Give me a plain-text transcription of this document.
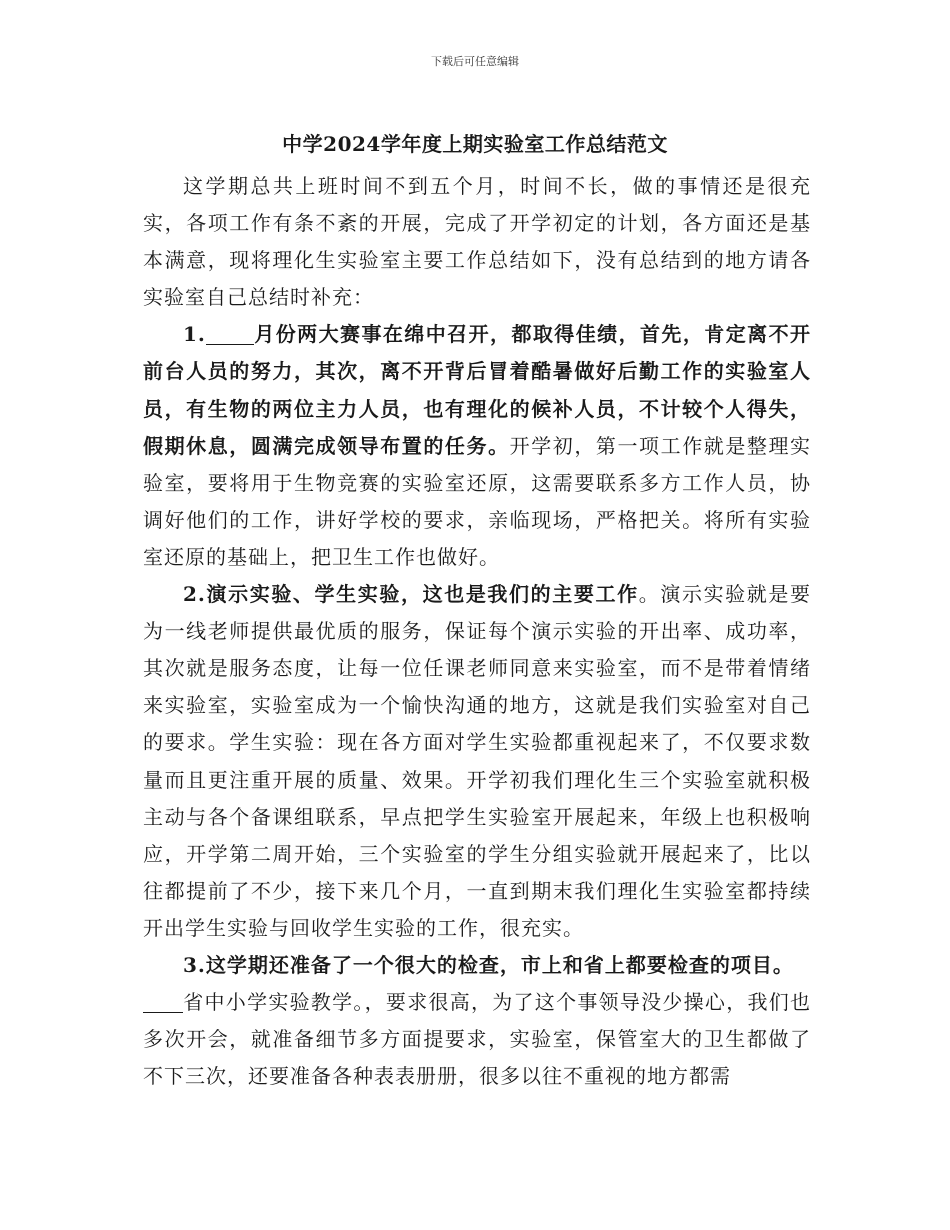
下载后可任意编辑
中学2024学年度上期实验室工作总结范文

这学期总共上班时间不到五个月，时间不长，做的事情还是很充实，各项工作有条不紊的开展，完成了开学初定的计划，各方面还是基本满意，现将理化生实验室主要工作总结如下，没有总结到的地方请各实验室自己总结时补充：

1. 月份两大赛事在绵中召开，都取得佳绩，首先，肯定离不开前台人员的努力，其次，离不开背后冒着酷暑做好后勤工作的实验室人员，有生物的两位主力人员，也有理化的候补人员，不计较个人得失，假期休息，圆满完成领导布置的任务。开学初，第一项工作就是整理实验室，要将用于生物竞赛的实验室还原，这需要联系多方工作人员，协调好他们的工作，讲好学校的要求，亲临现场，严格把关。将所有实验室还原的基础上，把卫生工作也做好。

2.演示实验、学生实验，这也是我们的主要工作。演示实验就是要为一线老师提供最优质的服务，保证每个演示实验的开出率、成功率，其次就是服务态度，让每一位任课老师同意来实验室，而不是带着情绪来实验室，实验室成为一个愉快沟通的地方，这就是我们实验室对自己的要求。学生实验：现在各方面对学生实验都重视起来了，不仅要求数量而且更注重开展的质量、效果。开学初我们理化生三个实验室就积极主动与各个备课组联系，早点把学生实验室开展起来，年级上也积极响应，开学第二周开始，三个实验室的学生分组实验就开展起来了，比以往都提前了不少，接下来几个月，一直到期末我们理化生实验室都持续开出学生实验与回收学生实验的工作，很充实。

3.这学期还准备了一个很大的检查，市上和省上都要检查的项目。
省中小学实验教学。，要求很高，为了这个事领导没少操心，我们也多次开会，就准备细节多方面提要求，实验室，保管室大的卫生都做了不下三次，还要准备各种表表册册，很多以往不重视的地方都需
